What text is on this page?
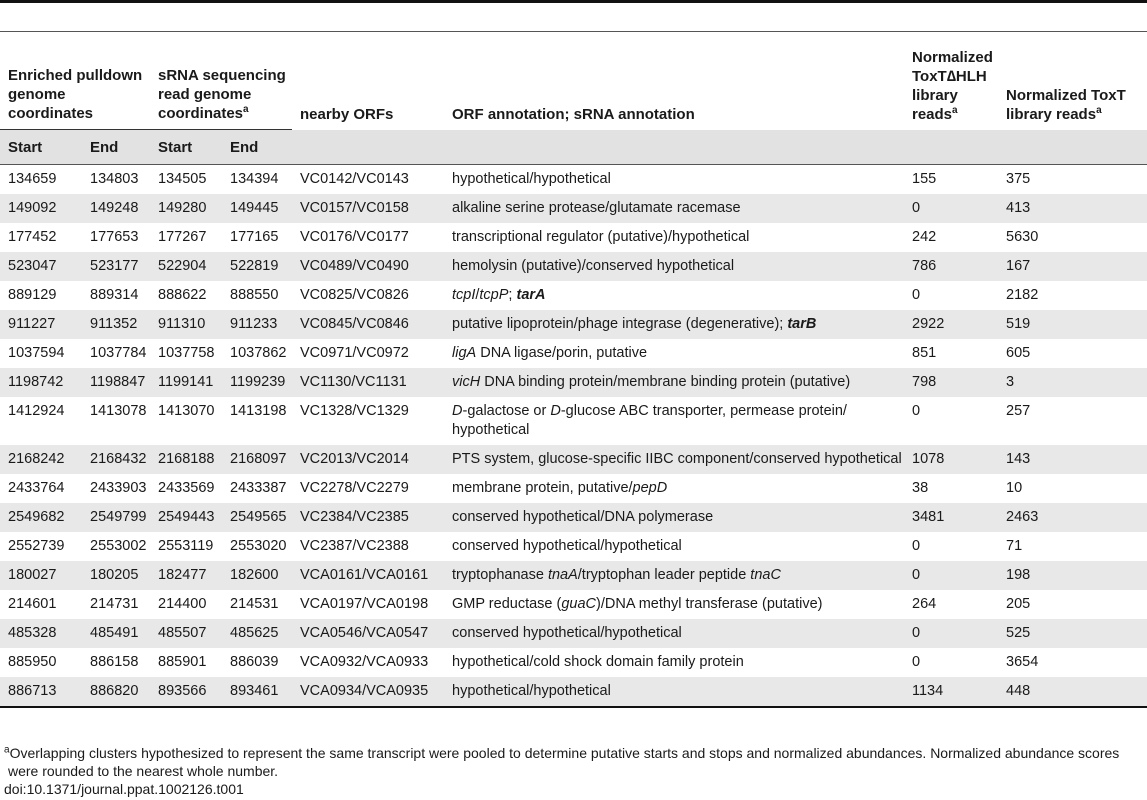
Enriched pulldown genome coordinates		sRNA sequencing read genome coordinates$^a$		nearby ORFs	ORF annotation; sRNA annotation	Normalized ToxT∆HLH library reads$^a$	Normalized ToxT library reads$^a$
Start	End	Start	End				
134659	134803	134505	134394	VC0142/VC0143	hypothetical/hypothetical	155	375
149092	149248	149280	149445	VC0157/VC0158	alkaline serine protease/glutamate racemase	0	413
177452	177653	177267	177165	VC0176/VC0177	transcriptional regulator (putative)/hypothetical	242	5630
523047	523177	522904	522819	VC0489/VC0490	hemolysin (putative)/conserved hypothetical	786	167
889129	889314	888622	888550	VC0825/VC0826	tcpI/tcpP; tarA	0	2182
911227	911352	911310	911233	VC0845/VC0846	putative lipoprotein/phage integrase (degenerative); tarB	2922	519
1037594	1037784	1037758	1037862	VC0971/VC0972	ligA DNA ligase/porin, putative	851	605
1198742	1198847	1199141	1199239	VC1130/VC1131	vicH DNA binding protein/membrane binding protein (putative)	798	3
1412924	1413078	1413070	1413198	VC1328/VC1329	D-galactose or D-glucose ABC transporter, permease protein/ hypothetical	0	257
2168242	2168432	2168188	2168097	VC2013/VC2014	PTS system, glucose-specific IIBC component/conserved hypothetical	1078	143
2433764	2433903	2433569	2433387	VC2278/VC2279	membrane protein, putative/pepD	38	10
2549682	2549799	2549443	2549565	VC2384/VC2385	conserved hypothetical/DNA polymerase	3481	2463
2552739	2553002	2553119	2553020	VC2387/VC2388	conserved hypothetical/hypothetical	0	71
180027	180205	182477	182600	VCA0161/VCA0161	tryptophanase tnaA/tryptophan leader peptide tnaC	0	198
214601	214731	214400	214531	VCA0197/VCA0198	GMP reductase (guaC)/DNA methyl transferase (putative)	264	205
485328	485491	485507	485625	VCA0546/VCA0547	conserved hypothetical/hypothetical	0	525
885950	886158	885901	886039	VCA0932/VCA0933	hypothetical/cold shock domain family protein	0	3654
886713	886820	893566	893461	VCA0934/VCA0935	hypothetical/hypothetical	1134	448
$^a$Overlapping clusters hypothesized to represent the same transcript were pooled to determine putative starts and stops and normalized abundances. Normalized abundance scores were rounded to the nearest whole number.
doi:10.1371/journal.ppat.1002126.t001
